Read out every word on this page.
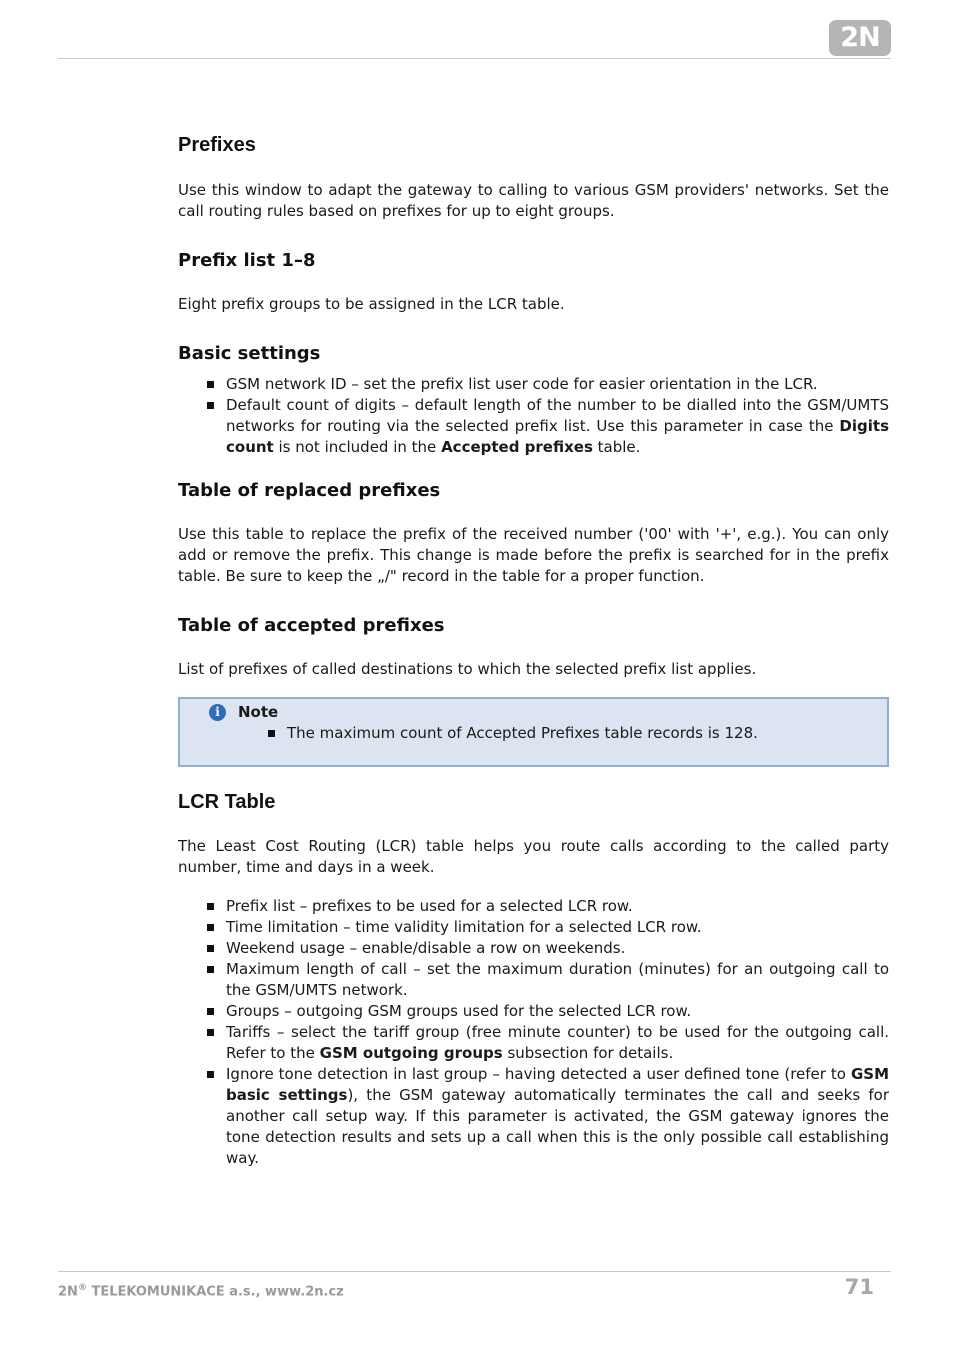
2N
Prefixes

Use this window to adapt the gateway to calling to various GSM providers' networks. Set the call routing rules based on prefixes for up to eight groups.

Prefix list 1–8

Eight prefix groups to be assigned in the LCR table.

Basic settings
GSM network ID – set the prefix list user code for easier orientation in the LCR.
Default count of digits – default length of the number to be dialled into the GSM/UMTS networks for routing via the selected prefix list. Use this parameter in case the Digits count is not included in the Accepted prefixes table.
Table of replaced prefixes

Use this table to replace the prefix of the received number ('00' with '+', e.g.). You can only add or remove the prefix. This change is made before the prefix is searched for in the prefix table. Be sure to keep the „/" record in the table for a proper function.

Table of accepted prefixes

List of prefixes of called destinations to which the selected prefix list applies.

i	Note
The maximum count of Accepted Prefixes table records is 128.
LCR Table

The Least Cost Routing (LCR) table helps you route calls according to the called party number, time and days in a week.

Prefix list – prefixes to be used for a selected LCR row.
Time limitation – time validity limitation for a selected LCR row.
Weekend usage – enable/disable a row on weekends.
Maximum length of call – set the maximum duration (minutes) for an outgoing call to the GSM/UMTS network.
Groups – outgoing GSM groups used for the selected LCR row.
Tariffs – select the tariff group (free minute counter) to be used for the outgoing call. Refer to the GSM outgoing groups subsection for details.
Ignore tone detection in last group – having detected a user defined tone (refer to GSM basic settings), the GSM gateway automatically terminates the call and seeks for another call setup way. If this parameter is activated, the GSM gateway ignores the tone detection results and sets up a call when this is the only possible call establishing way.
2N® TELEKOMUNIKACE a.s., www.2n.cz	71
